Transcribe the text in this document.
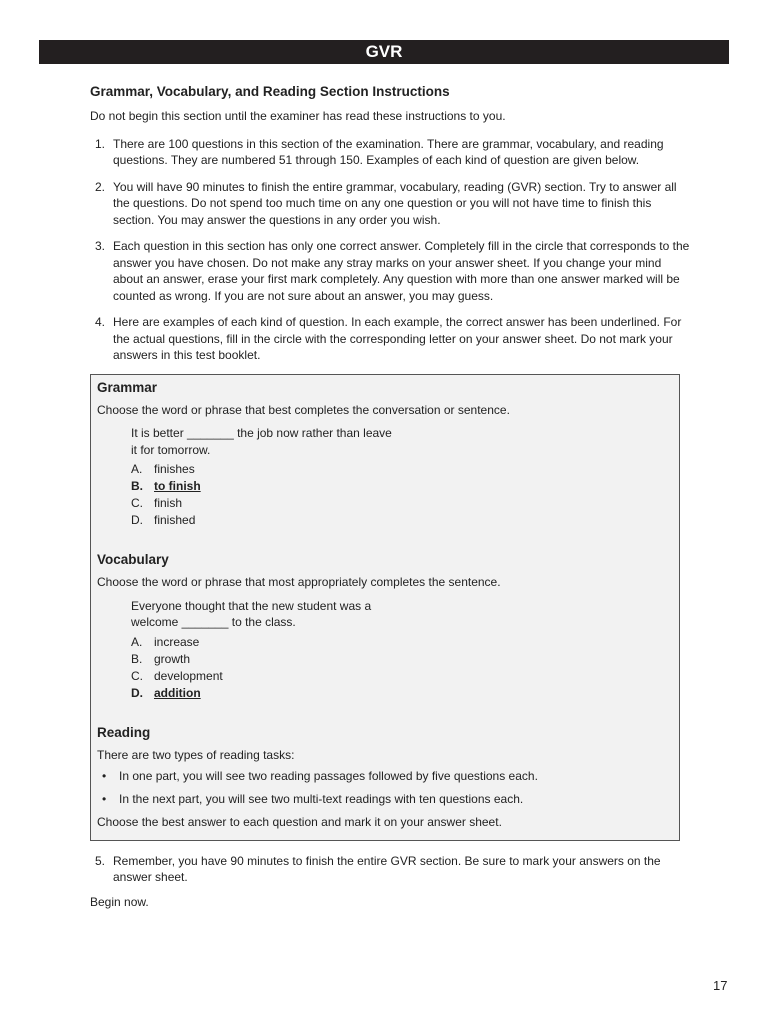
GVR
Grammar, Vocabulary, and Reading Section Instructions

Do not begin this section until the examiner has read these instructions to you.

1. There are 100 questions in this section of the examination. There are grammar, vocabulary, and reading questions. They are numbered 51 through 150. Examples of each kind of question are given below.
2. You will have 90 minutes to finish the entire grammar, vocabulary, reading (GVR) section. Try to answer all the questions. Do not spend too much time on any one question or you will not have time to finish this section. You may answer the questions in any order you wish.
3. Each question in this section has only one correct answer. Completely fill in the circle that corresponds to the answer you have chosen. Do not make any stray marks on your answer sheet. If you change your mind about an answer, erase your first mark completely. Any question with more than one answer marked will be counted as wrong. If you are not sure about an answer, you may guess.
4. Here are examples of each kind of question. In each example, the correct answer has been underlined. For the actual questions, fill in the circle with the corresponding letter on your answer sheet. Do not mark your answers in this test booklet.
Grammar

Choose the word or phrase that best completes the conversation or sentence.

It is better _______ the job now rather than leave

it for tomorrow.

A. finishes
B. to finish
C. finish
D. finished
Vocabulary

Choose the word or phrase that most appropriately completes the sentence.

Everyone thought that the new student was a

welcome _______ to the class.

A. increase
B. growth
C. development
D. addition
Reading

There are two types of reading tasks:

• In one part, you will see two reading passages followed by five questions each.
• In the next part, you will see two multi-text readings with ten questions each.

Choose the best answer to each question and mark it on your answer sheet.

5. Remember, you have 90 minutes to finish the entire GVR section. Be sure to mark your answers on the answer sheet.

Begin now.

17
